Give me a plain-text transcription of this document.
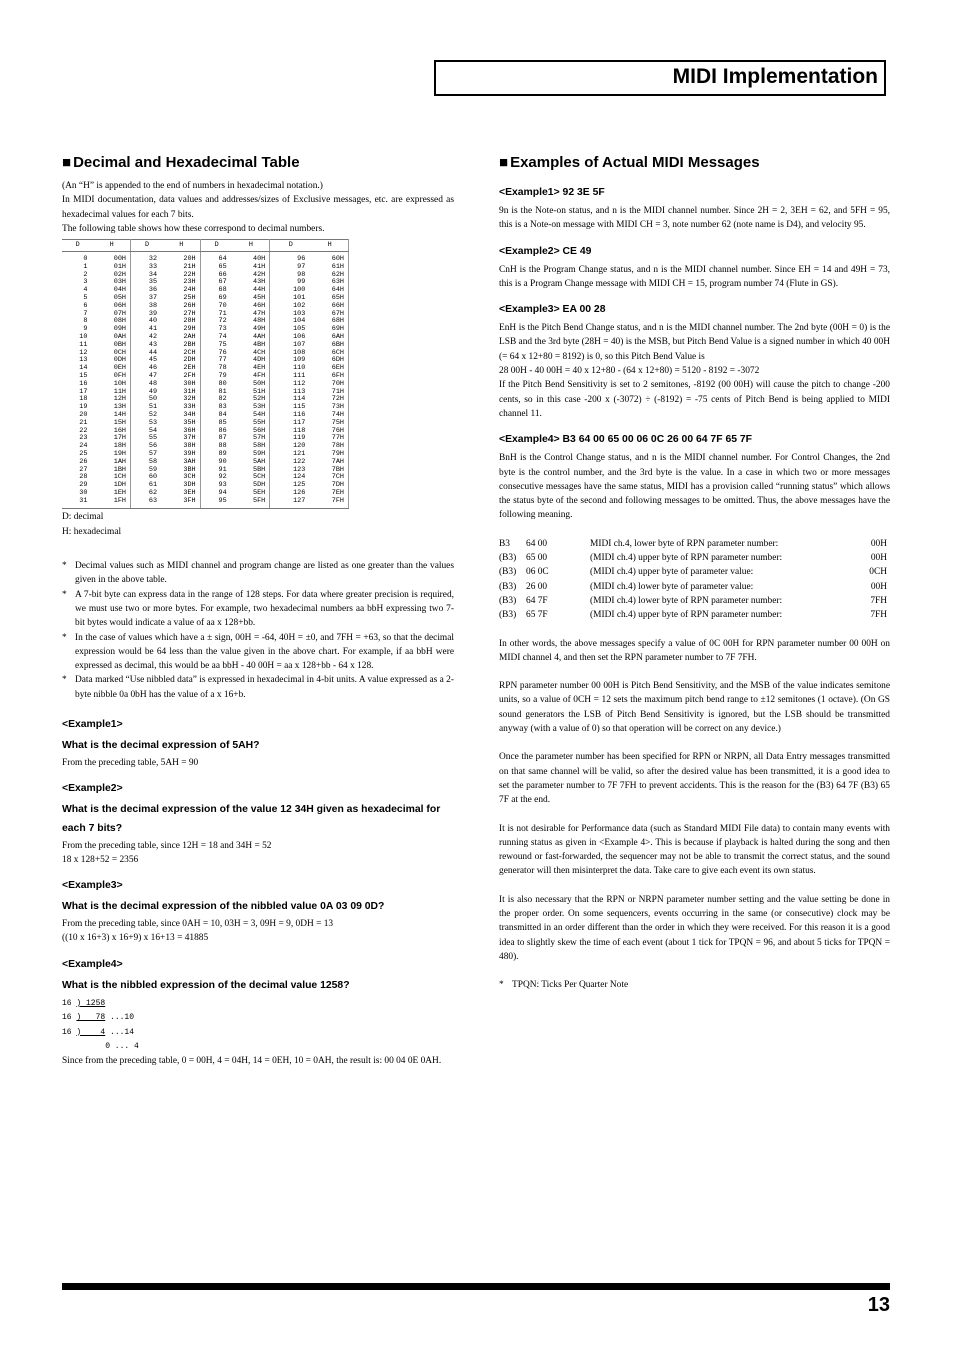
MIDI Implementation
■ Decimal and Hexadecimal Table

(An “H” is appended to the end of numbers in hexadecimal notation.)

In MIDI documentation, data values and addresses/sizes of Exclusive messages, etc. are expressed as hexadecimal values for each 7 bits.

The following table shows how these correspond to decimal numbers.

D	H	D	H	D	H	D	H
0	00H	32	20H	64	40H	96	60H
1	01H	33	21H	65	41H	97	61H
2	02H	34	22H	66	42H	98	62H
3	03H	35	23H	67	43H	99	63H
4	04H	36	24H	68	44H	100	64H
5	05H	37	25H	69	45H	101	65H
6	06H	38	26H	70	46H	102	66H
7	07H	39	27H	71	47H	103	67H
8	08H	40	28H	72	48H	104	68H
9	09H	41	29H	73	49H	105	69H
10	0AH	42	2AH	74	4AH	106	6AH
11	0BH	43	2BH	75	4BH	107	6BH
12	0CH	44	2CH	76	4CH	108	6CH
13	0DH	45	2DH	77	4DH	109	6DH
14	0EH	46	2EH	78	4EH	110	6EH
15	0FH	47	2FH	79	4FH	111	6FH
16	10H	48	30H	80	50H	112	70H
17	11H	49	31H	81	51H	113	71H
18	12H	50	32H	82	52H	114	72H
19	13H	51	33H	83	53H	115	73H
20	14H	52	34H	84	54H	116	74H
21	15H	53	35H	85	55H	117	75H
22	16H	54	36H	86	56H	118	76H
23	17H	55	37H	87	57H	119	77H
24	18H	56	38H	88	58H	120	78H
25	19H	57	39H	89	59H	121	79H
26	1AH	58	3AH	90	5AH	122	7AH
27	1BH	59	3BH	91	5BH	123	7BH
28	1CH	60	3CH	92	5CH	124	7CH
29	1DH	61	3DH	93	5DH	125	7DH
30	1EH	62	3EH	94	5EH	126	7EH
31	1FH	63	3FH	95	5FH	127	7FH

D: decimal

H: hexadecimal

* Decimal values such as MIDI channel and program change are listed as one greater than the values given in the above table.
* A 7-bit byte can express data in the range of 128 steps. For data where greater precision is required, we must use two or more bytes. For example, two hexadecimal numbers aa bbH expressing two 7-bit bytes would indicate a value of aa x 128+bb.
* In the case of values which have a ± sign, 00H = -64, 40H = ±0, and 7FH = +63, so that the decimal expression would be 64 less than the value given in the above chart. For example, if aa bbH were expressed as decimal, this would be aa bbH - 40 00H = aa x 128+bb - 64 x 128.
* Data marked “Use nibbled data” is expressed in hexadecimal in 4-bit units. A value expressed as a 2-byte nibble 0a 0bH has the value of a x 16+b.
<Example1>
What is the decimal expression of 5AH?

From the preceding table, 5AH = 90

<Example2>
What is the decimal expression of the value 12 34H given as hexadecimal for each 7 bits?

From the preceding table, since 12H = 18 and 34H = 52

18 x 128+52 = 2356

<Example3>
What is the decimal expression of the nibbled value 0A 03 09 0D?

From the preceding table, since 0AH = 10, 03H = 3, 09H = 9, 0DH = 13

((10 x 16+3) x 16+9) x 16+13 = 41885

<Example4>
What is the nibbled expression of the decimal value 1258?
16 ) 1258
16 )   78 ...10
16 )    4 ...14
0 ... 4

Since from the preceding table, 0 = 00H, 4 = 04H, 14 = 0EH, 10 = 0AH, the result is: 00 04 0E 0AH.

■ Examples of Actual MIDI Messages
<Example1> 92 3E 5F

9n is the Note-on status, and n is the MIDI channel number. Since 2H = 2, 3EH = 62, and 5FH = 95, this is a Note-on message with MIDI CH = 3, note number 62 (note name is D4), and velocity 95.

<Example2> CE 49

CnH is the Program Change status, and n is the MIDI channel number. Since EH = 14 and 49H = 73, this is a Program Change message with MIDI CH = 15, program number 74 (Flute in GS).

<Example3> EA 00 28

EnH is the Pitch Bend Change status, and n is the MIDI channel number. The 2nd byte (00H = 0) is the LSB and the 3rd byte (28H = 40) is the MSB, but Pitch Bend Value is a signed number in which 40 00H (= 64 x 12+80 = 8192) is 0, so this Pitch Bend Value is

28 00H - 40 00H = 40 x 12+80 - (64 x 12+80) = 5120 - 8192 = -3072

If the Pitch Bend Sensitivity is set to 2 semitones, -8192 (00 00H) will cause the pitch to change -200 cents, so in this case -200 x (-3072) ÷ (-8192) = -75 cents of Pitch Bend is being applied to MIDI channel 11.

<Example4> B3 64 00 65 00 06 0C 26 00 64 7F 65 7F

BnH is the Control Change status, and n is the MIDI channel number. For Control Changes, the 2nd byte is the control number, and the 3rd byte is the value. In a case in which two or more messages consecutive messages have the same status, MIDI has a provision called “running status” which allows the status byte of the second and following messages to be omitted. Thus, the above messages have the following meaning.

B3	64 00	MIDI ch.4, lower byte of RPN parameter number:	00H
(B3)	65 00	(MIDI ch.4) upper byte of RPN parameter number:	00H
(B3)	06 0C	(MIDI ch.4) upper byte of parameter value:	0CH
(B3)	26 00	(MIDI ch.4) lower byte of parameter value:	00H
(B3)	64 7F	(MIDI ch.4) lower byte of RPN parameter number:	7FH
(B3)	65 7F	(MIDI ch.4) upper byte of RPN parameter number:	7FH

In other words, the above messages specify a value of 0C 00H for RPN parameter number 00 00H on MIDI channel 4, and then set the RPN parameter number to 7F 7FH.

RPN parameter number 00 00H is Pitch Bend Sensitivity, and the MSB of the value indicates semitone units, so a value of 0CH = 12 sets the maximum pitch bend range to ±12 semitones (1 octave). (On GS sound generators the LSB of Pitch Bend Sensitivity is ignored, but the LSB should be transmitted anyway (with a value of 0) so that operation will be correct on any device.)

Once the parameter number has been specified for RPN or NRPN, all Data Entry messages transmitted on that same channel will be valid, so after the desired value has been transmitted, it is a good idea to set the parameter number to 7F 7FH to prevent accidents. This is the reason for the (B3) 64 7F (B3) 65 7F at the end.

It is not desirable for Performance data (such as Standard MIDI File data) to contain many events with running status as given in <Example 4>. This is because if playback is halted during the song and then rewound or fast-forwarded, the sequencer may not be able to transmit the correct status, and the sound generator will then misinterpret the data. Take care to give each event its own status.

It is also necessary that the RPN or NRPN parameter number setting and the value setting be done in the proper order. On some sequencers, events occurring in the same (or consecutive) clock may be transmitted in an order different than the order in which they were received. For this reason it is a good idea to slightly skew the time of each event (about 1 tick for TPQN = 96, and about 5 ticks for TPQN = 480).

* TPQN: Ticks Per Quarter Note
13
